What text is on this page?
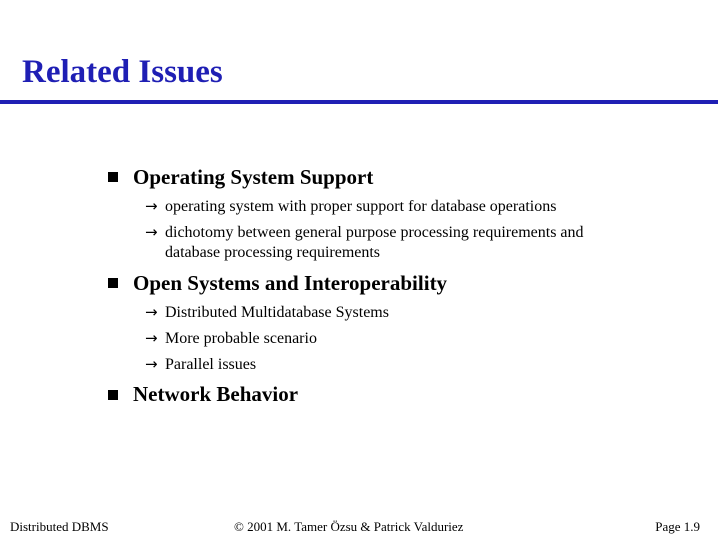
Related Issues
Operating System Support
→ operating system with proper support for database operations
→ dichotomy between general purpose processing requirements and
database processing requirements
Open Systems and Interoperability
→ Distributed Multidatabase Systems
→ More probable scenario
→ Parallel issues
Network Behavior
Distributed DBMS	© 2001 M. Tamer Özsu & Patrick Valduriez	Page 1.9
